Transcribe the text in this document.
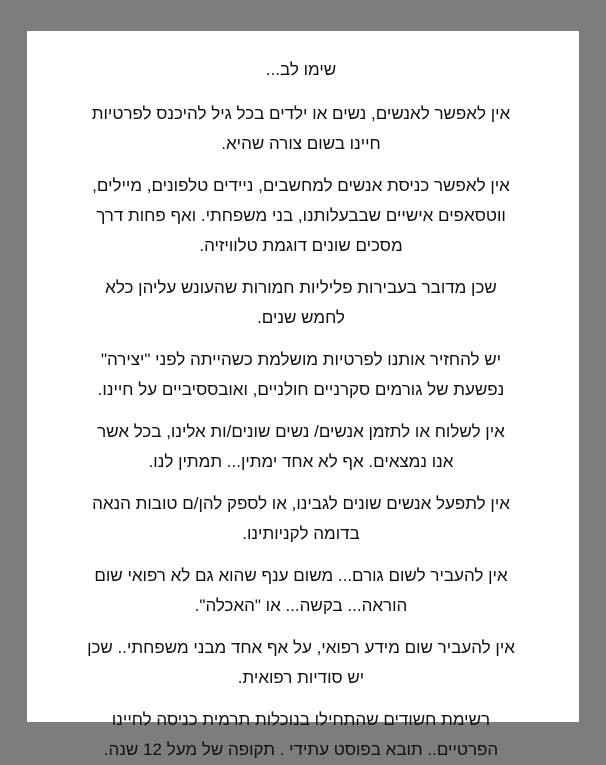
שימו לב...

אין לאפשר לאנשים, נשים או ילדים בכל גיל להיכנס לפרטיות
חיינו בשום צורה שהיא.

אין לאפשר כניסת אנשים למחשבים, ניידים טלפונים, מיילים,
ווטסאפים אישיים שבבעלותנו, בני משפחתי. ואף פחות דרך
מסכים שונים דוגמת טלוויזיה.

שכן מדובר בעבירות פליליות חמורות שהעונש עליהן כלא
לחמש שנים.

יש להחזיר אותנו לפרטיות מושלמת כשהייתה לפני "יצירה"
נפשעת של גורמים סקרניים חולניים, ואובססיביים על חיינו.

אין לשלוח או לתזמן אנשים/ נשים שונים/ות אלינו, בכל אשר
אנו נמצאים. אף לא אחד ימתין... תמתין לנו.

אין לתפעל אנשים שונים לגבינו, או לספק להן/ם טובות הנאה
בדומה לקניותינו.

אין להעביר לשום גורם... משום ענף שהוא גם לא רפואי שום
הוראה... בקשה... או "האכלה".

אין להעביר שום מידע רפואי, על אף אחד מבני משפחתי.. שכן
יש סודיות רפואית.

רשימת חשודים שהתחילו בנוכלות תרמית כניסה לחיינו
הפרטיים.. תובא בפוסט עתידי . תקופה של מעל 12 שנה.
